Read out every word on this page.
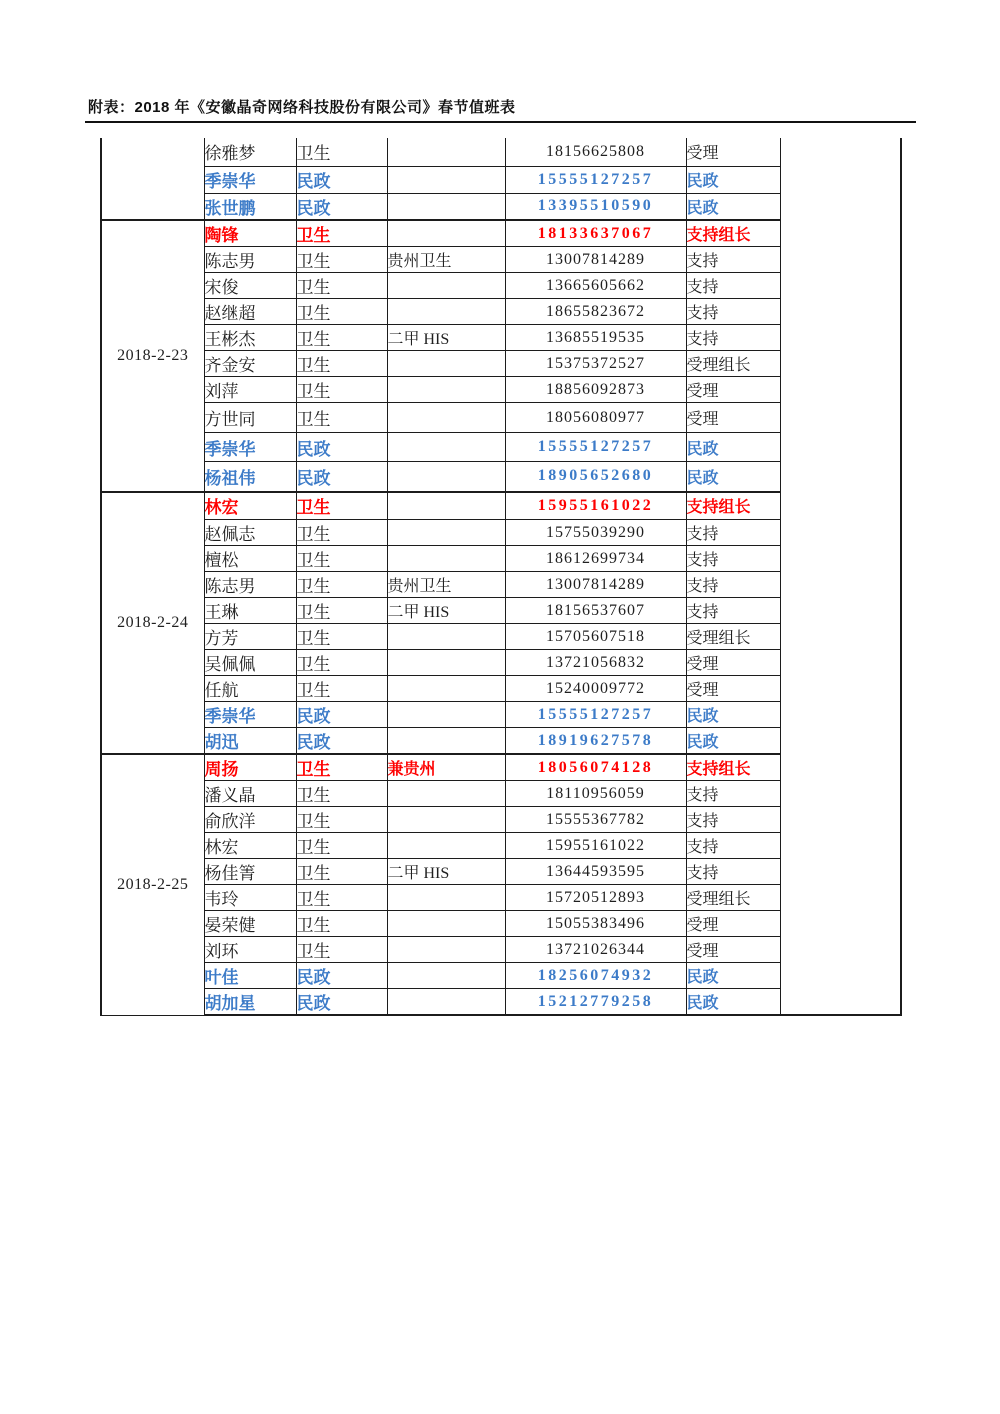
附表：2018 年《安徽晶奇网络科技股份有限公司》春节值班表
	徐雅梦	卫生		18156625808	受理	
	季崇华	民政		15555127257	民政	
	张世鹏	民政		13395510590	民政	
2018-2-23	陶锋	卫生		18133637067	支持组长	
	陈志男	卫生	贵州卫生	13007814289	支持	
	宋俊	卫生		13665605662	支持	
	赵继超	卫生		18655823672	支持	
	王彬杰	卫生	二甲 HIS	13685519535	支持	
	齐金安	卫生		15375372527	受理组长	
	刘萍	卫生		18856092873	受理	
	方世同	卫生		18056080977	受理	
	季崇华	民政		15555127257	民政	
	杨祖伟	民政		18905652680	民政	
2018-2-24	林宏	卫生		15955161022	支持组长	
	赵佩志	卫生		15755039290	支持	
	檀松	卫生		18612699734	支持	
	陈志男	卫生	贵州卫生	13007814289	支持	
	王琳	卫生	二甲 HIS	18156537607	支持	
	方芳	卫生		15705607518	受理组长	
	吴佩佩	卫生		13721056832	受理	
	任航	卫生		15240009772	受理	
	季崇华	民政		15555127257	民政	
	胡迅	民政		18919627578	民政	
2018-2-25	周扬	卫生	兼贵州	18056074128	支持组长	
	潘义晶	卫生		18110956059	支持	
	俞欣洋	卫生		15555367782	支持	
	林宏	卫生		15955161022	支持	
	杨佳箐	卫生	二甲 HIS	13644593595	支持	
	韦玲	卫生		15720512893	受理组长	
	晏荣健	卫生		15055383496	受理	
	刘环	卫生		13721026344	受理	
	叶佳	民政		18256074932	民政	
	胡加星	民政		15212779258	民政	
